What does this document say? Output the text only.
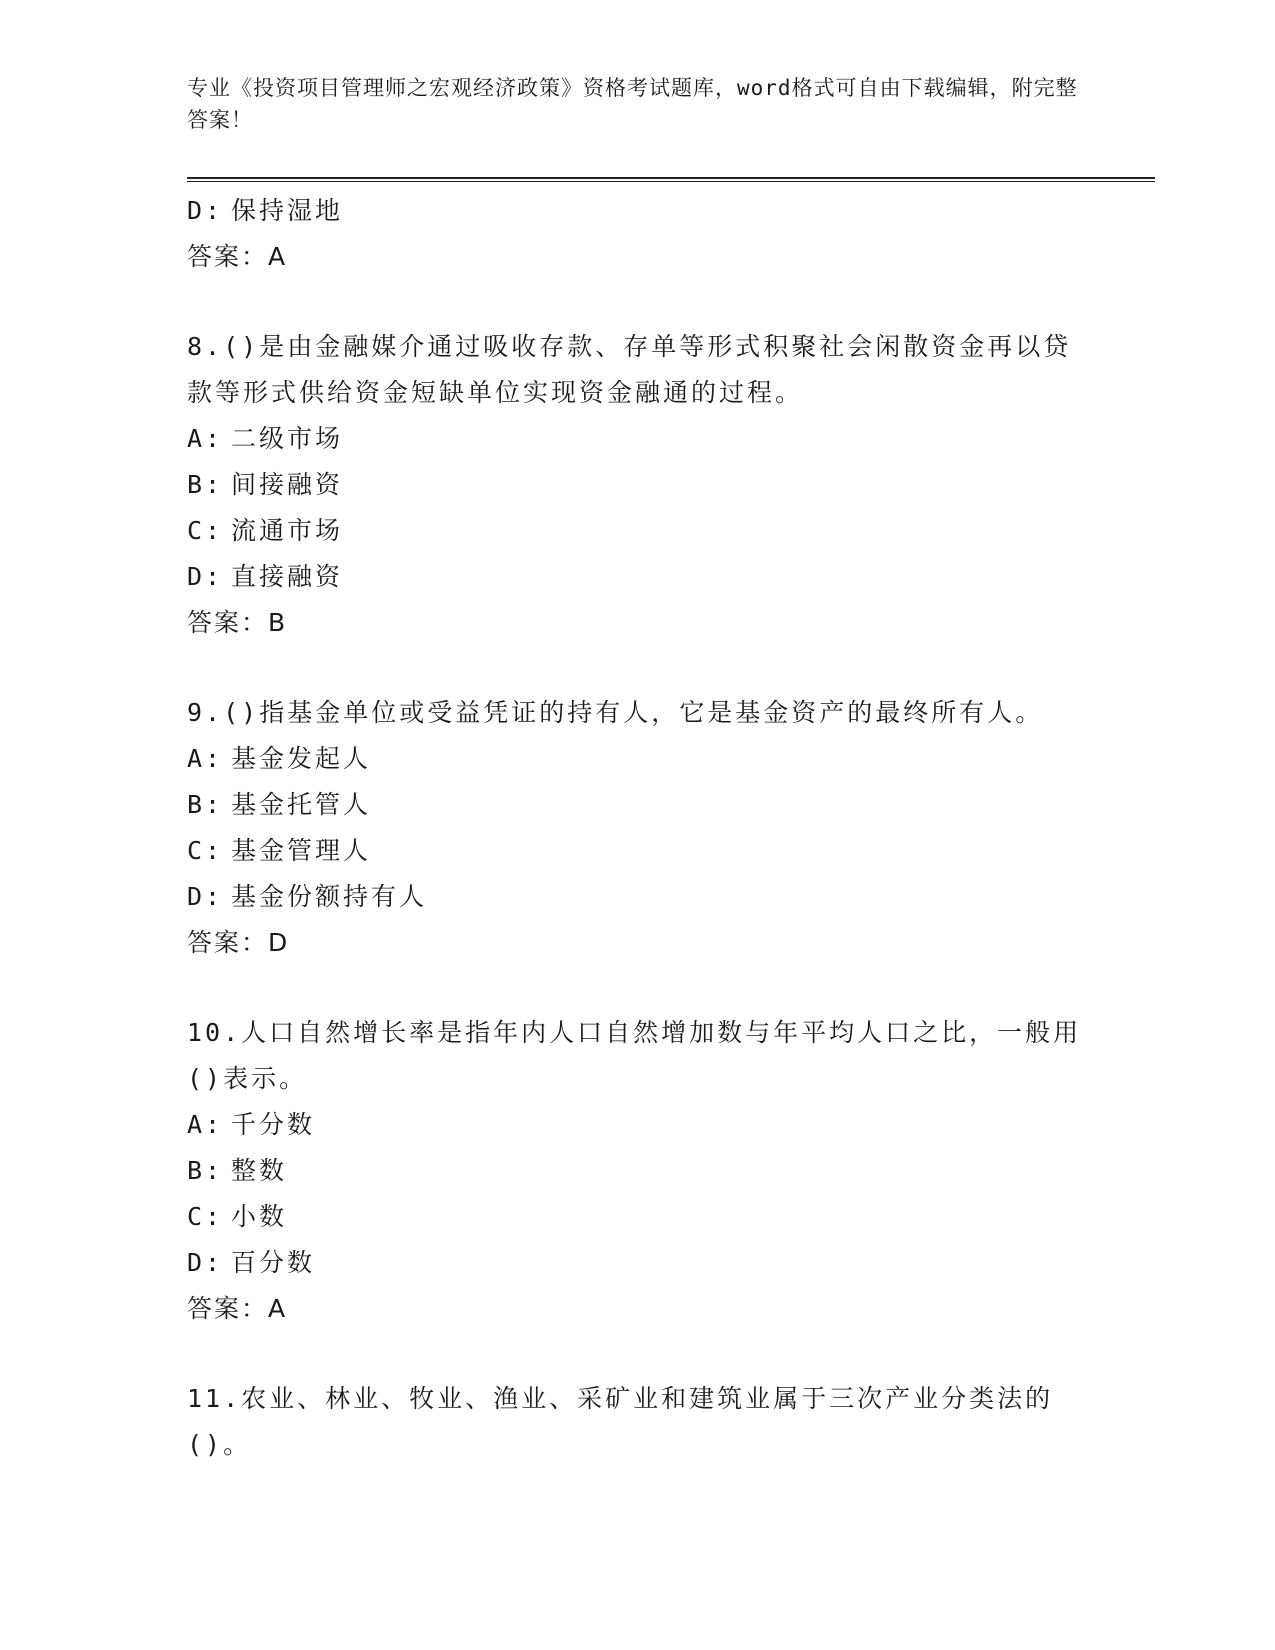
专业《投资项目管理师之宏观经济政策》资格考试题库，word格式可自由下载编辑，附完整答案！
D: 保持湿地
答案：A
8.()是由金融媒介通过吸收存款、存单等形式积聚社会闲散资金再以贷款等形式供给资金短缺单位实现资金融通的过程。
A: 二级市场
B: 间接融资
C: 流通市场
D: 直接融资
答案：B
9.()指基金单位或受益凭证的持有人，它是基金资产的最终所有人。
A: 基金发起人
B: 基金托管人
C: 基金管理人
D: 基金份额持有人
答案：D
10.人口自然增长率是指年内人口自然增加数与年平均人口之比，一般用()表示。
A: 千分数
B: 整数
C: 小数
D: 百分数
答案：A
11.农业、林业、牧业、渔业、采矿业和建筑业属于三次产业分类法的()。
